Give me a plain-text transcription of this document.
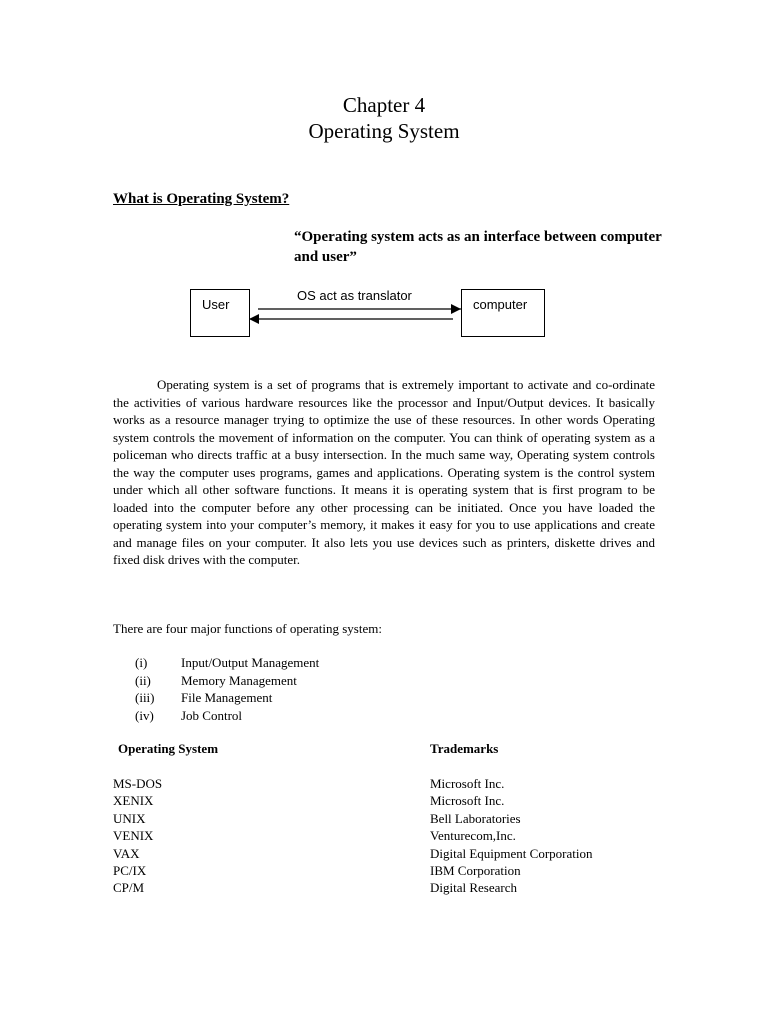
Chapter 4
Operating System
What is Operating System?
“Operating system acts as an interface between computer and user”
User
OS act as translator
computer

Operating system is a set of programs that is extremely important to activate and co-ordinate the activities of various hardware resources like the processor and Input/Output devices. It basically works as a resource manager trying to optimize the use of these resources. In other words Operating system controls the movement of information on the computer. You can think of operating system as a policeman who directs traffic at a busy intersection. In the much same way, Operating system controls the way the computer uses programs, games and applications. Operating system is the control system under which all other software functions. It means it is operating system that is first program to be loaded into the computer before any other processing can be initiated. Once you have loaded the operating system into your computer’s memory, it makes it easy for you to use applications and create and manage files on your computer. It also lets you use devices such as printers, diskette drives and fixed disk drives with the computer.

There are four major functions of operating system:
(i)	Input/Output Management
(ii)	Memory Management
(iii)	File Management
(iv)	Job Control
Operating System	Trademarks
MS-DOS	Microsoft Inc.
XENIX	Microsoft Inc.
UNIX	Bell Laboratories
VENIX	Venturecom,Inc.
VAX	Digital Equipment Corporation
PC/IX	IBM Corporation
CP/M	Digital Research
